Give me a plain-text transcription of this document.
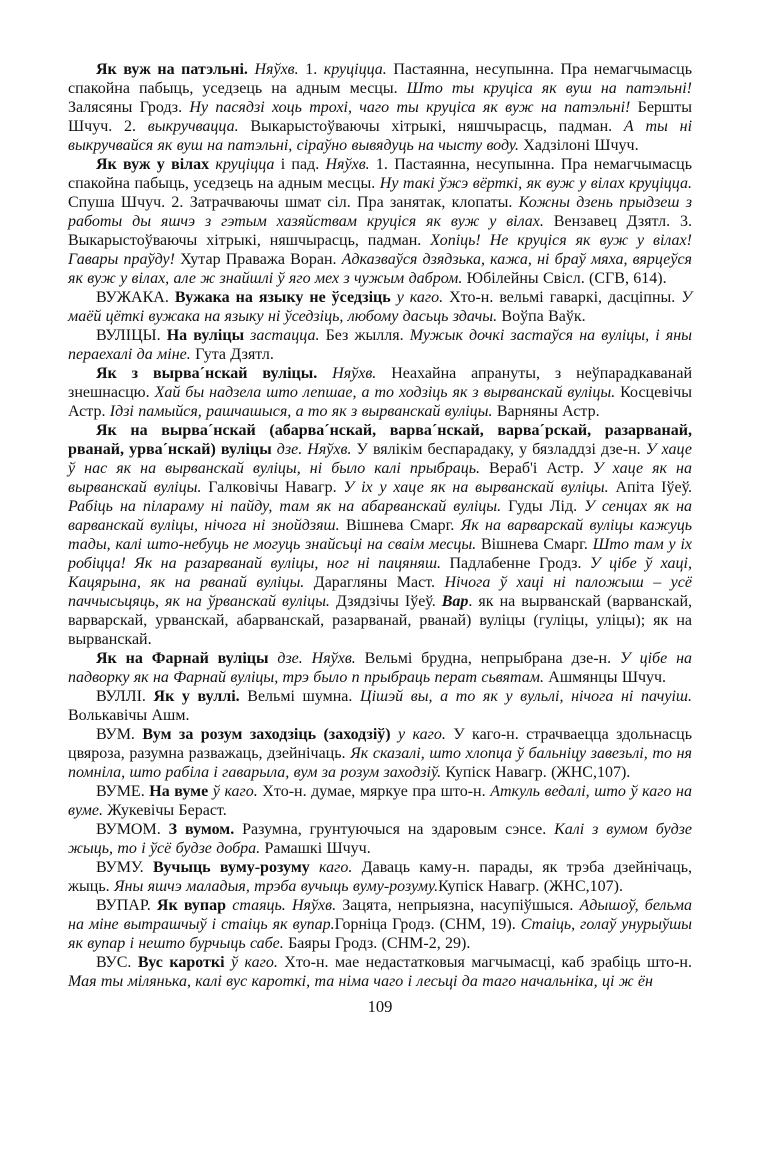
Як вуж на патэльні. Няўхв. 1. круціцца. Пастаянна, несупынна. Пра немагчымасць спакойна пабыць, уседзець на адным месцы. Што ты круціса як вуш на патэльні! Залясяны Гродз. Ну пасядзі хоць трохі, чаго ты круціса як вуж на патэльні! Бершты Шчуч. 2. выкручвацца. Выкарыстоўваючы хітрыкі, няшчырасць, падман. А ты ні выкручвайся як вуш на патэльні, сіраўно вывядуць на чысту воду. Хадзілоні Шчуч.

Як вуж у вілах круціцца і пад. Няўхв. 1. Пастаянна, несупынна. Пра немагчымасць спакойна пабыць, уседзець на адным месцы. Ну такі ўжэ вёрткі, як вуж у вілах круціцца. Спуша Шчуч. 2. Затрачваючы шмат сіл. Пра занятак, клопаты. Кожны дзень прыдзеш з работы ды яшчэ з гэтым хазяйствам круціся як вуж у вілах. Вензавец Дзятл. 3. Выкарыстоўваючы хітрыкі, няшчырасць, падман. Хопіць! Не круціся як вуж у вілах! Гавары праўду! Хутар Праважа Воран. Адказваўся дзядзька, кажа, ні браў мяха, вярцеўся як вуж у вілах, але ж знайшлі ў яго мех з чужым дабром. Юбілейны Свісл. (СГВ, 614).

ВУЖАКА. Вужака на языку не ўседзіць у каго. Хто-н. вельмі гаваркі, дасціпны. У маёй цёткі вужака на языку ні ўседзіць, любому дасьць здачы. Воўпа Ваўк.

ВУЛІЦЫ. На вуліцы застацца. Без жылля. Мужык дочкі застаўся на вуліцы, і яны пераехалі да міне. Гута Дзятл.

Як з вырва´нскай вуліцы. Няўхв. Неахайна апрануты, з неўпарадкаванай знешнасцю. Хай бы надзела што лепшае, а то ходзіць як з вырванскай вуліцы. Косцевічы Астр. Ідзі памыйся, рашчашыся, а то як з вырванскай вуліцы. Варняны Астр.

Як на вырва´нскай (абарва´нскай, варва´нскай, варва´рскай, разарванай, рванай, урва´нскай) вуліцы дзе. Няўхв. У вялікім беспарадаку, у бязладдзі дзе-н. У хаце ў нас як на вырванскай вуліцы, ні было калі прыбраць. Вераб'і Астр. У хаце як на вырванскай вуліцы. Галковічы Навагр. У іх у хаце як на вырванскай вуліцы. Апіта Іўеў. Рабіць на пілараму ні пайду, там як на абарванскай вуліцы. Гуды Лід. У сенцах як на варванскай вуліцы, нічога ні знойдзяш. Вішнева Смарг. Як на варварскай вуліцы кажуць тады, калі што-небуць не могуць знайсьці на сваім месцы. Вішнева Смарг. Што там у іх робіцца! Як на разарванай вуліцы, ног ні пацяняш. Падлабенне Гродз. У цібе ў хаці, Кацярына, як на рванай вуліцы. Дарагляны Маст. Нічога ў хаці ні паложыш – усё паччысьцяць, як на ўрванскай вуліцы. Дзядзічы Іўеў. Вар. як на вырванскай (варванскай, варварскай, урванскай, абарванскай, разарванай, рванай) вуліцы (гуліцы, уліцы); як на вырванскай.

Як на Фарнай вуліцы дзе. Няўхв. Вельмі брудна, непрыбрана дзе-н. У цібе на падворку як на Фарнай вуліцы, трэ было п прыбраць перат сьвятам. Ашмянцы Шчуч.

ВУЛЛІ. Як у вуллі. Вельмі шумна. Цішэй вы, а то як у вульлі, нічога ні пачуіш. Волькавічы Ашм.

ВУМ. Вум за розум заходзіць (заходзіў) у каго. У каго-н. страчваецца здольнасць цвяроза, разумна разважаць, дзейнічаць. Як сказалі, што хлопца ў бальніцу завезьлі, то ня помніла, што рабіла і гаварыла, вум за розум заходзіў. Купіск Навагр. (ЖНС,107).

ВУМЕ. На вуме ў каго. Хто-н. думае, мяркуе пра што-н. Аткуль ведалі, што ў каго на вуме. Жукевічы Бераст.

ВУМОМ. З вумом. Разумна, грунтуючыся на здаровым сэнсе. Калі з вумом будзе жыць, то і ўсё будзе добра. Рамашкі Шчуч.

ВУМУ. Вучыць вуму-розуму каго. Даваць каму-н. парады, як трэба дзейнічаць, жыць. Яны яшчэ маладыя, трэба вучыць вуму-розуму.Купіск Навагр. (ЖНС,107).

ВУПАР. Як вупар стаяць. Няўхв. Зацята, непрыязна, насупіўшыся. Адышоў, бельма на міне вытрашчыў і стаіць як вупар.Горніца Гродз. (СНМ, 19). Стаіць, голаў унурыўшы як вупар і нешто бурчыць сабе. Баяры Гродз. (СНМ-2, 29).

ВУС. Вус кароткі ў каго. Хто-н. мае недастатковыя магчымасці, каб зрабіць што-н. Мая ты мілянька, калі вус кароткі, та німа чаго і лесьці да таго начальніка, ці ж ён

109
